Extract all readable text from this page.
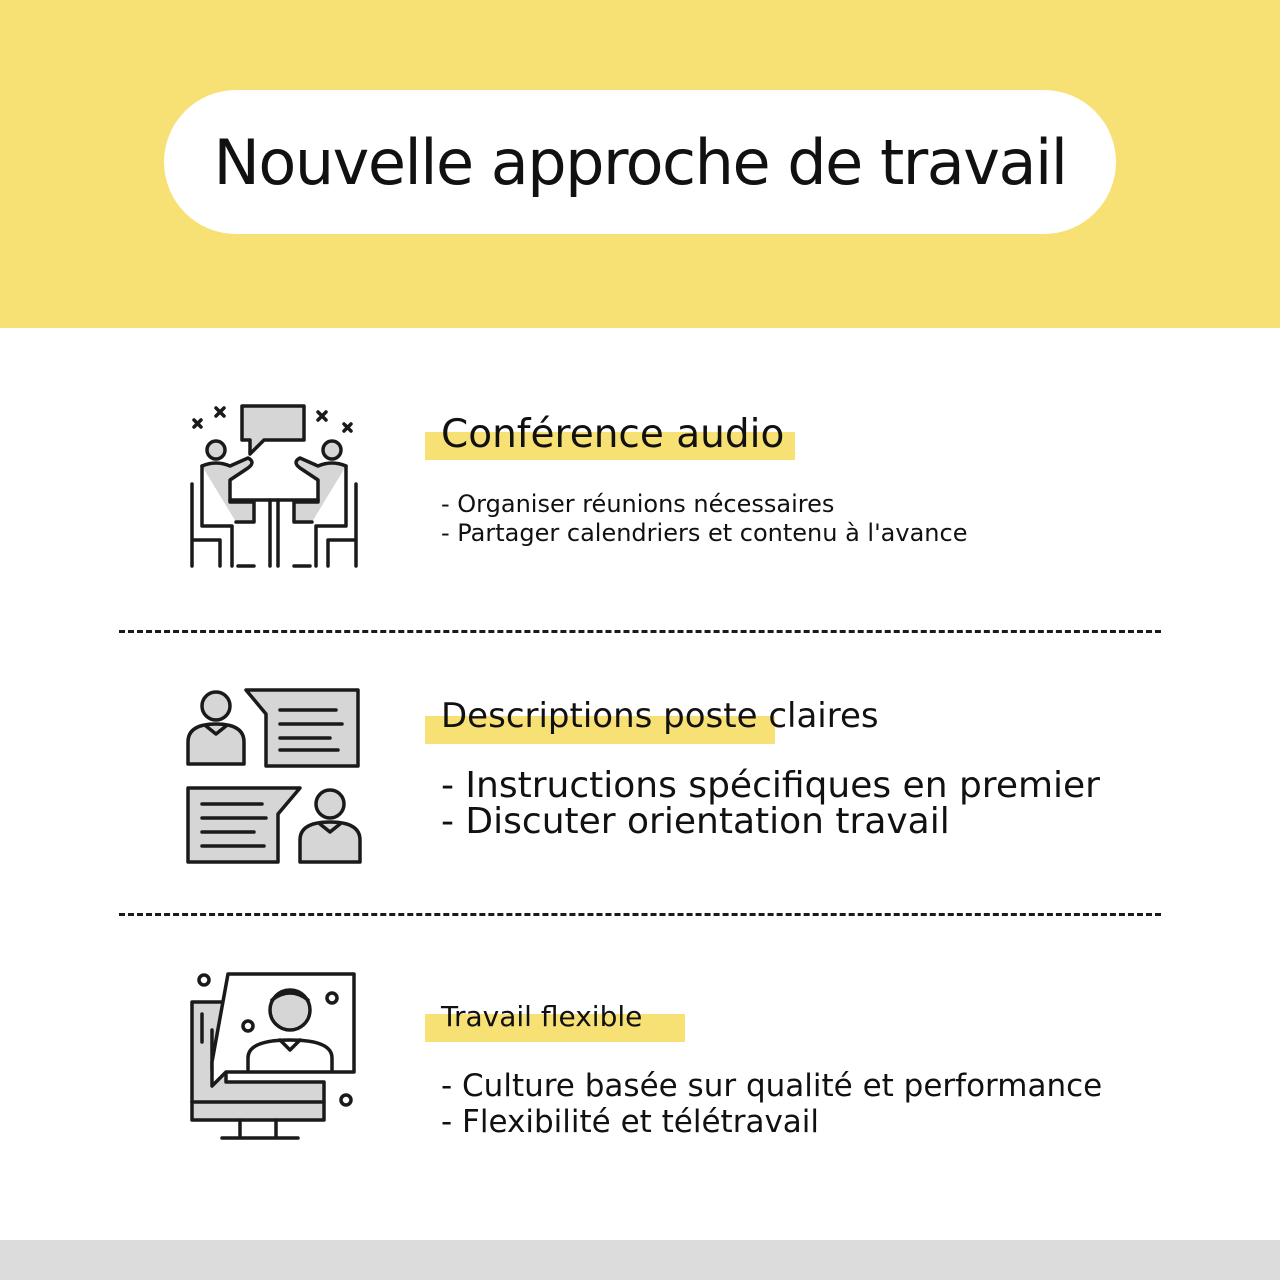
Nouvelle approche de travail
Conférence audio
- Organiser réunions nécessaires
- Partager calendriers et contenu à l'avance
Descriptions poste claires
- Instructions spécifiques en premier
- Discuter orientation travail
Travail flexible
- Culture basée sur qualité et performance
- Flexibilité et télétravail
